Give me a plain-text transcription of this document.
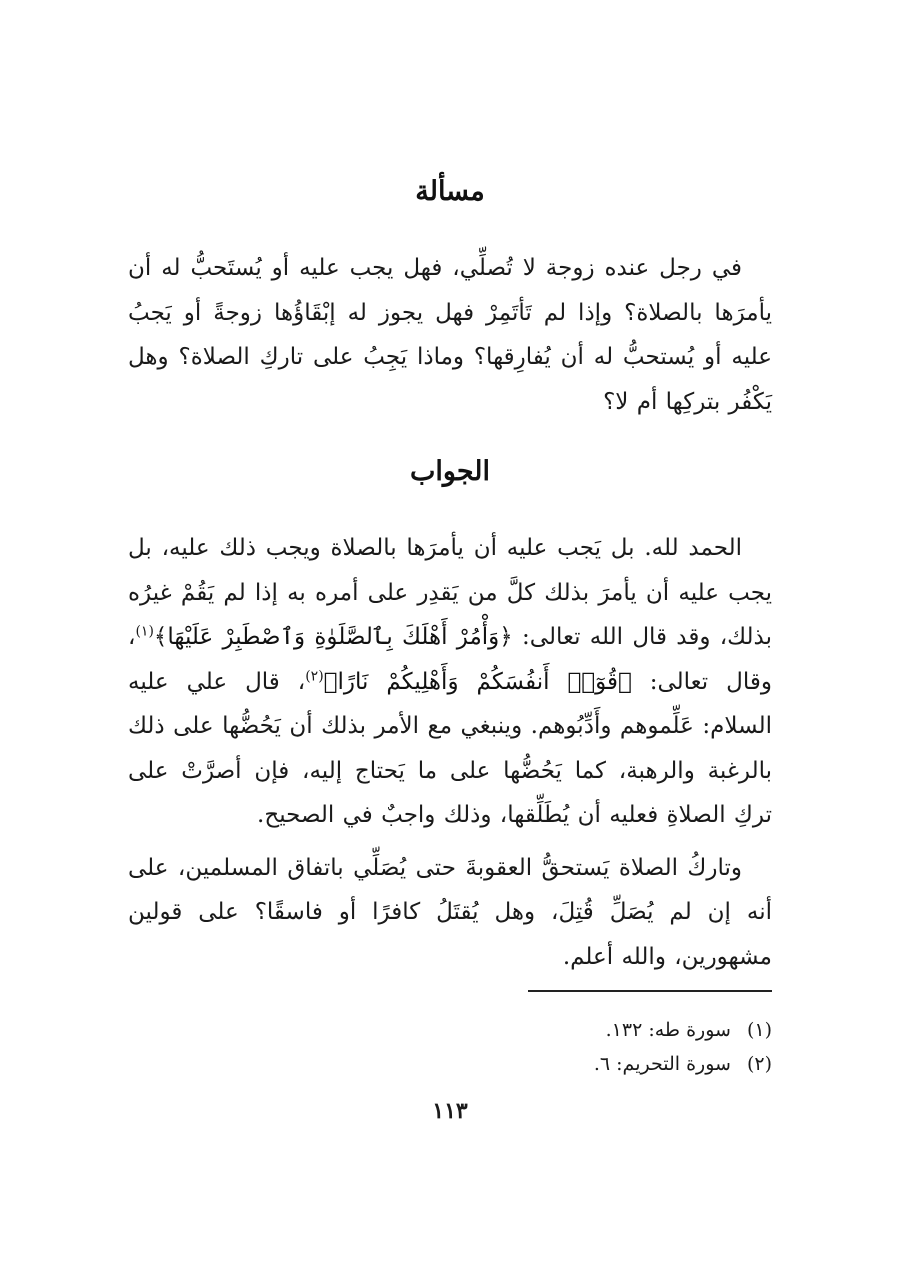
مسألة

في رجل عنده زوجة لا تُصلِّي، فهل يجب عليه أو يُستَحبُّ له أن يأمرَها بالصلاة؟ وإذا لم تَأتَمِرْ فهل يجوز له إبْقَاؤُها زوجةً أو يَجبُ عليه أو يُستحبُّ له أن يُفارِقها؟ وماذا يَجِبُ على تاركِ الصلاة؟ وهل يَكْفُر بتركِها أم لا؟

الجواب

الحمد لله. بل يَجب عليه أن يأمرَها بالصلاة ويجب ذلك عليه، بل يجب عليه أن يأمرَ بذلك كلَّ من يَقدِر على أمره به إذا لم يَقُمْ غيرُه بذلك، وقد قال الله تعالى: ﴿وَأْمُرْ أَهْلَكَ بِٱلصَّلَوٰةِ وَٱصْطَبِرْ عَلَيْهَا﴾$^{(١)}$، وقال تعالى: ﴿قُوٓا۟ أَنفُسَكُمْ وَأَهْلِيكُمْ نَارًا﴾$^{(٢)}$، قال علي عليه السلام: عَلِّموهم وأَدِّبُوهم. وينبغي مع الأمر بذلك أن يَحُضُّها على ذلك بالرغبة والرهبة، كما يَحُضُّها على ما يَحتاج إليه، فإن أصرَّتْ على تركِ الصلاةِ فعليه أن يُطَلِّقها، وذلك واجبٌ في الصحيح.

وتاركُ الصلاة يَستحقُّ العقوبةَ حتى يُصَلِّي باتفاق المسلمين، على أنه إن لم يُصَلِّ قُتِلَ، وهل يُقتَلُ كافرًا أو فاسقًا؟ على قولين مشهورين، والله أعلم.

(١)
سورة طه: ١٣٢.
(٢)
سورة التحريم: ٦.
١١٣
